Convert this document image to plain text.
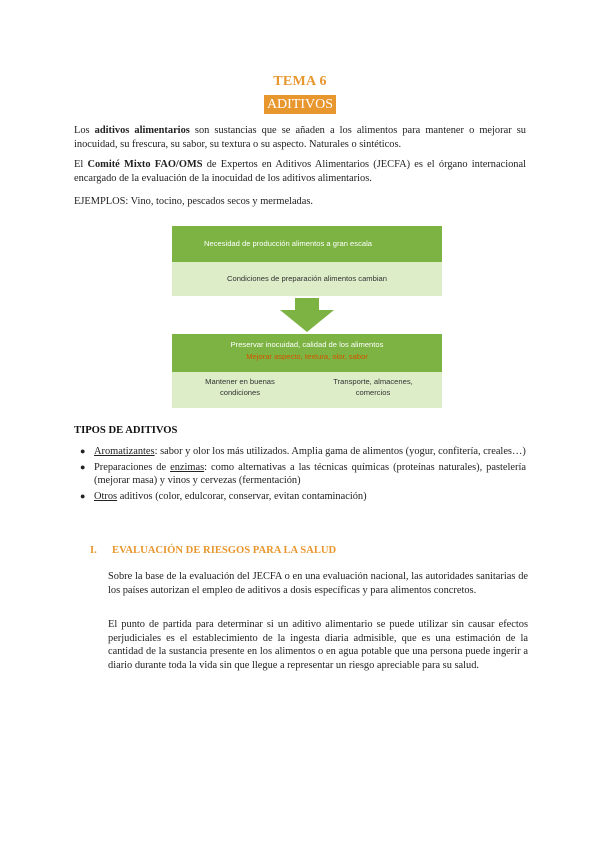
TEMA 6
ADITIVOS
Los aditivos alimentarios son sustancias que se añaden a los alimentos para mantener o mejorar su inocuidad, su frescura, su sabor, su textura o su aspecto. Naturales o sintéticos.
El Comité Mixto FAO/OMS de Expertos en Aditivos Alimentarios (JECFA) es el órgano internacional encargado de la evaluación de la inocuidad de los aditivos alimentarios.
EJEMPLOS: Vino, tocino, pescados secos y mermeladas.
Necesidad de producción alimentos a gran escala
Condiciones de preparación alimentos cambian
Preservar inocuidad, calidad de los alimentos
Mejorar aspecto, textura, olor, sabor
Mantener en buenas condiciones
Transporte, almacenes, comercios
TIPOS DE ADITIVOS
● Aromatizantes: sabor y olor los más utilizados. Amplia gama de alimentos (yogur, confitería, creales…)
● Preparaciones de enzimas: como alternativas a las técnicas químicas (proteínas naturales), pastelería (mejorar masa) y vinos y cervezas (fermentación)
● Otros aditivos (color, edulcorar, conservar, evitan contaminación)
I. EVALUACIÓN DE RIESGOS PARA LA SALUD
Sobre la base de la evaluación del JECFA o en una evaluación nacional, las autoridades sanitarias de los países autorizan el empleo de aditivos a dosis específicas y para alimentos concretos.
El punto de partida para determinar si un aditivo alimentario se puede utilizar sin causar efectos perjudiciales es el establecimiento de la ingesta diaria admisible, que es una estimación de la cantidad de la sustancia presente en los alimentos o en agua potable que una persona puede ingerir a diario durante toda la vida sin que llegue a representar un riesgo apreciable para su salud.
